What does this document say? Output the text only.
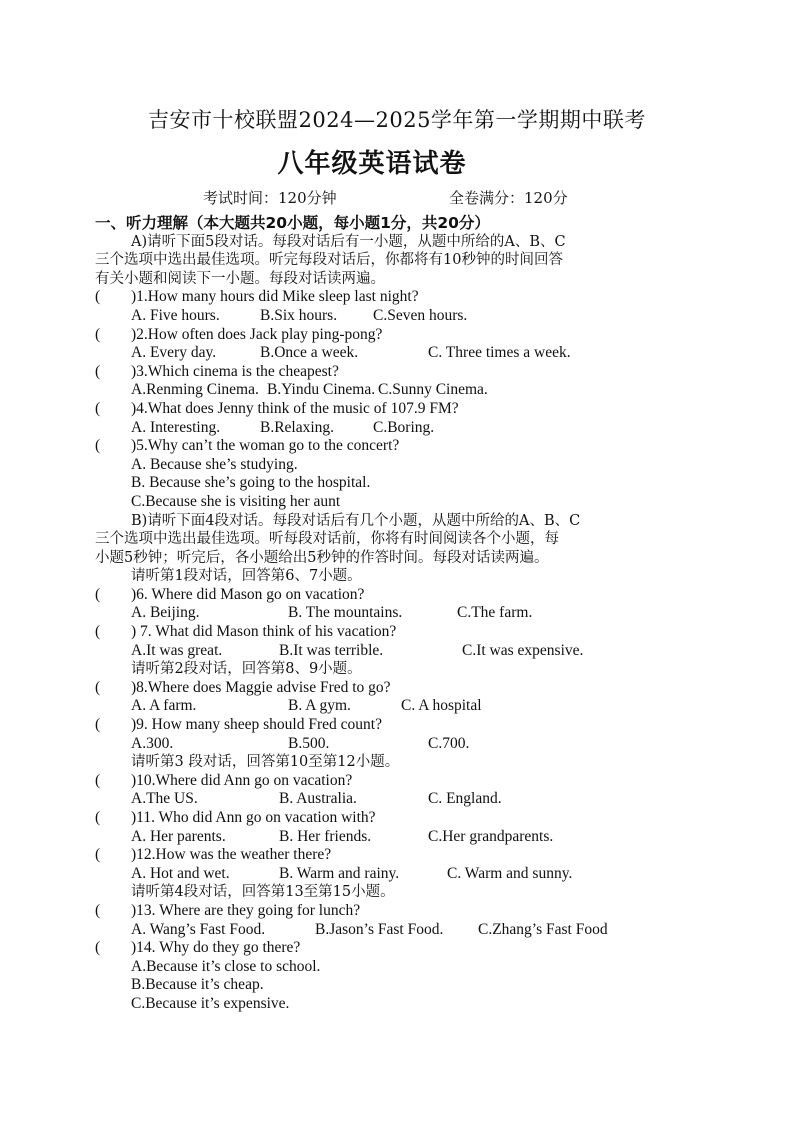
吉安市十校联盟2024—2025学年第一学期期中联考
八年级英语试卷
考试时间：120分钟	全卷满分：120分
一、听力理解（本大题共20小题，每小题1分，共20分）
A)请听下面5段对话。每段对话后有一小题，从题中所给的A、B、C
三个选项中选出最佳选项。听完每段对话后，你都将有10秒钟的时间回答
有关小题和阅读下一小题。每段对话读两遍。
(	)1.How many hours did Mike sleep last night?
A. Five hours.	B.Six hours.	C.Seven hours.
(	)2.How often does Jack play ping-pong?
A. Every day.	B.Once a week.	C. Three times a week.
(	)3.Which cinema is the cheapest?
A.Renming Cinema. B.Yindu Cinema. C.Sunny Cinema.
(	)4.What does Jenny think of the music of 107.9 FM?
A. Interesting.	B.Relaxing.	C.Boring.
(	)5.Why can’t the woman go to the concert?
A. Because she’s studying.
B. Because she’s going to the hospital.
C.Because she is visiting her aunt
B)请听下面4段对话。每段对话后有几个小题，从题中所给的A、B、C
三个选项中选出最佳选项。听每段对话前，你将有时间阅读各个小题，每
小题5秒钟；听完后，各小题给出5秒钟的作答时间。每段对话读两遍。
请听第1段对话，回答第6、7小题。
(	)6. Where did Mason go on vacation?
A. Beijing.	B. The mountains.	C.The farm.
(	) 7. What did Mason think of his vacation?
A.It was great.	B.It was terrible.	C.It was expensive.
请听第2段对话，回答第8、9小题。
(	)8.Where does Maggie advise Fred to go?
A. A farm.	B. A gym.	C. A hospital
(	)9. How many sheep should Fred count?
A.300.	B.500.	C.700.
请听第3 段对话，回答第10至第12小题。
(	)10.Where did Ann go on vacation?
A.The US.	B. Australia.	C. England.
(	)11. Who did Ann go on vacation with?
A. Her parents.	B. Her friends.	C.Her grandparents.
(	)12.How was the weather there?
A. Hot and wet.	B. Warm and rainy.	C. Warm and sunny.
请听第4段对话，回答第13至第15小题。
(	)13. Where are they going for lunch?
A. Wang’s Fast Food.	B.Jason’s Fast Food.	C.Zhang’s Fast Food
(	)14. Why do they go there?
A.Because it’s close to school.
B.Because it’s cheap.
C.Because it’s expensive.
